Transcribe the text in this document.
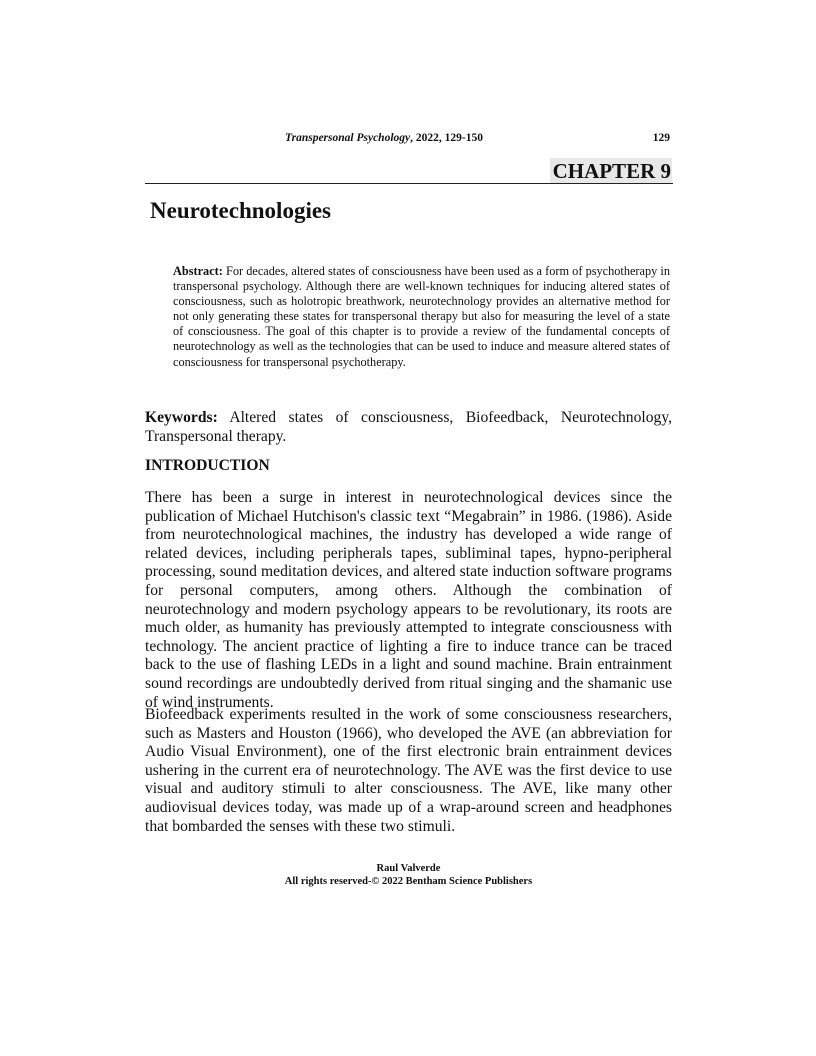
Transpersonal Psychology, 2022, 129-150	129
CHAPTER 9
Neurotechnologies
Abstract: For decades, altered states of consciousness have been used as a form of psychotherapy in transpersonal psychology. Although there are well-known techniques for inducing altered states of consciousness, such as holotropic breathwork, neurotechnology provides an alternative method for not only generating these states for transpersonal therapy but also for measuring the level of a state of consciousness. The goal of this chapter is to provide a review of the fundamental concepts of neurotechnology as well as the technologies that can be used to induce and measure altered states of consciousness for transpersonal psychotherapy.
Keywords: Altered states of consciousness, Biofeedback, Neurotechnology, Transpersonal therapy.
INTRODUCTION

There has been a surge in interest in neurotechnological devices since the publication of Michael Hutchison's classic text “Megabrain” in 1986. (1986). Aside from neurotechnological machines, the industry has developed a wide range of related devices, including peripherals tapes, subliminal tapes, hypno-peripheral processing, sound meditation devices, and altered state induction software programs for personal computers, among others. Although the combination of neurotechnology and modern psychology appears to be revolutionary, its roots are much older, as humanity has previously attempted to integrate consciousness with technology. The ancient practice of lighting a fire to induce trance can be traced back to the use of flashing LEDs in a light and sound machine. Brain entrainment sound recordings are undoubtedly derived from ritual singing and the shamanic use of wind instruments.

Biofeedback experiments resulted in the work of some consciousness researchers, such as Masters and Houston (1966), who developed the AVE (an abbreviation for Audio Visual Environment), one of the first electronic brain entrainment devices ushering in the current era of neurotechnology. The AVE was the first device to use visual and auditory stimuli to alter consciousness. The AVE, like many other audiovisual devices today, was made up of a wrap-around screen and headphones that bombarded the senses with these two stimuli.

Raul Valverde
All rights reserved-© 2022 Bentham Science Publishers
